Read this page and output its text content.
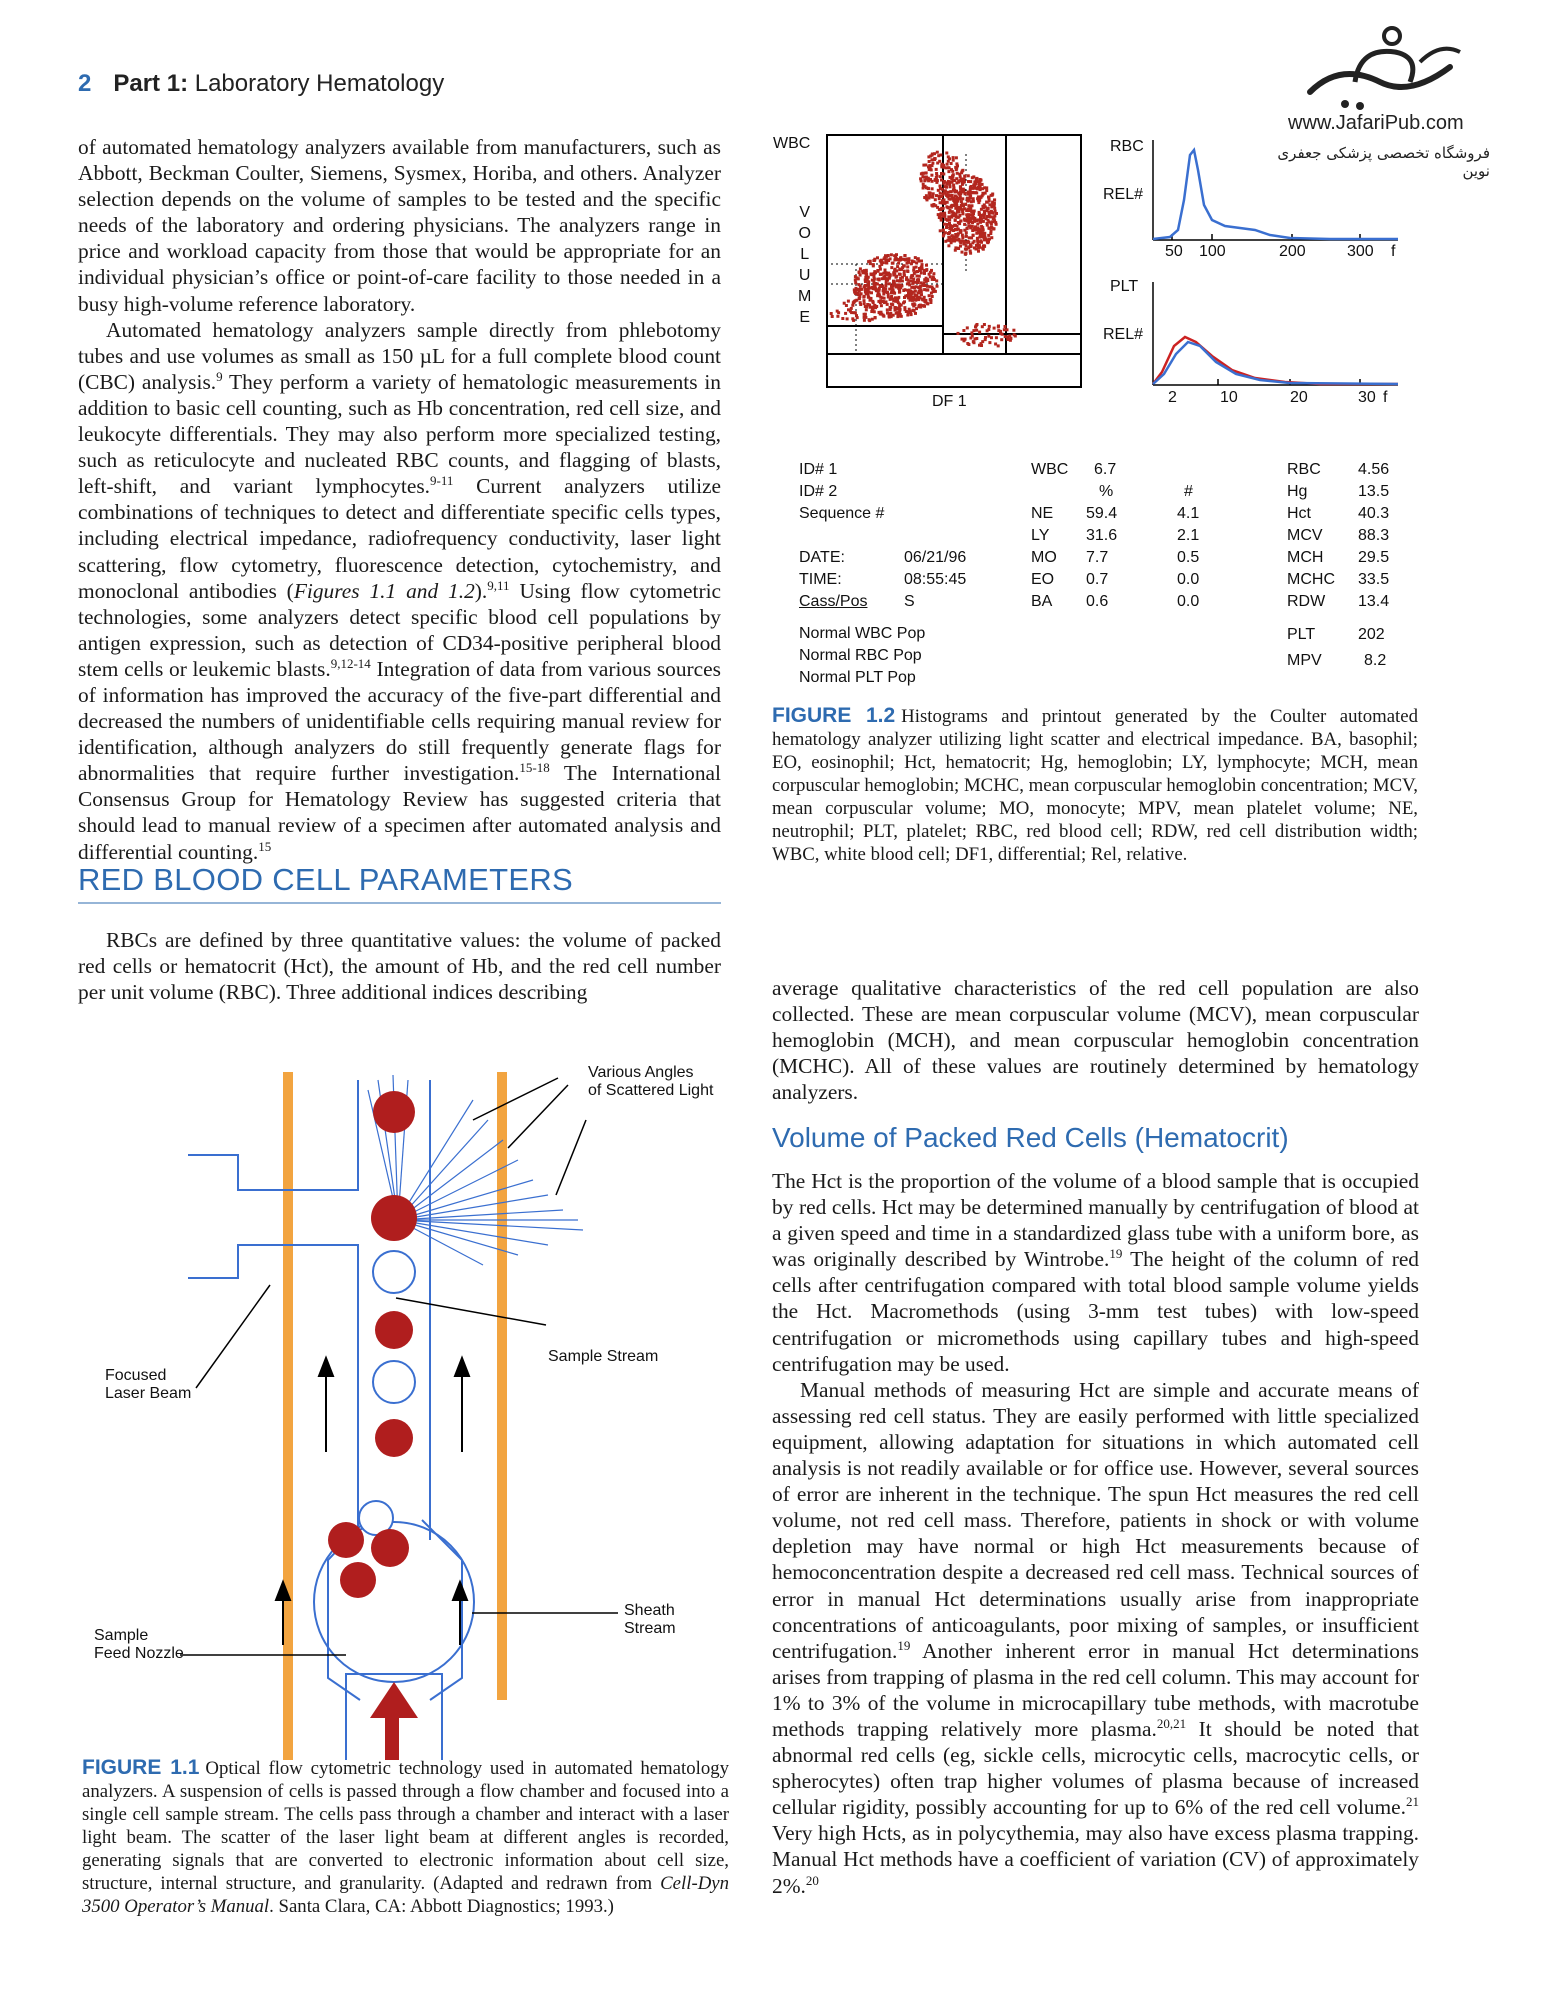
2 Part 1: Laboratory Hematology
www.JafariPub.com
فروشگاه تخصصی پزشکی جعفری نوین

of automated hematology analyzers available from manufacturers, such as Abbott, Beckman Coulter, Siemens, Sysmex, Horiba, and others. Analyzer selection depends on the volume of samples to be tested and the specific needs of the laboratory and ordering physicians. The analyzers range in price and workload capacity from those that would be appropriate for an individual physician’s office or point-of-care facility to those needed in a busy high-volume reference laboratory.

Automated hematology analyzers sample directly from phlebotomy tubes and use volumes as small as 150 µL for a full complete blood count (CBC) analysis.$^9$ They perform a variety of hematologic measurements in addition to basic cell counting, such as Hb concentration, red cell size, and leukocyte differentials. They may also perform more specialized testing, such as reticulocyte and nucleated RBC counts, and flagging of blasts, left-shift, and variant lymphocytes.$^{9-11}$ Current analyzers utilize combinations of techniques to detect and differentiate specific cells types, including electrical impedance, radiofrequency conductivity, laser light scattering, flow cytometry, fluorescence detection, cytochemistry, and monoclonal antibodies (Figures 1.1 and 1.2).$^{9,11}$ Using flow cytometric technologies, some analyzers detect specific blood cell populations by antigen expression, such as detection of CD34-positive peripheral blood stem cells or leukemic blasts.$^{9,12-14}$ Integration of data from various sources of information has improved the accuracy of the five-part differential and decreased the numbers of unidentifiable cells requiring manual review for identification, although analyzers do still frequently generate flags for abnormalities that require further investigation.$^{15-18}$ The International Consensus Group for Hematology Review has suggested criteria that should lead to manual review of a specimen after automated analysis and differential counting.$^{15}$

RED BLOOD CELL PARAMETERS

RBCs are defined by three quantitative values: the volume of packed red cells or hematocrit (Hct), the amount of Hb, and the red cell number per unit volume (RBC). Three additional indices describing

Various Angles
of Scattered Light
Focused
Laser Beam
Sample Stream
Sheath
Stream
Sample
Feed Nozzle
FIGURE 1.1 Optical flow cytometric technology used in automated hematology analyzers. A suspension of cells is passed through a flow chamber and focused into a single cell sample stream. The cells pass through a chamber and interact with a laser light beam. The scatter of the laser light beam at different angles is recorded, generating signals that are converted to electronic information about cell size, structure, internal structure, and granularity. (Adapted and redrawn from Cell-Dyn 3500 Operator’s Manual. Santa Clara, CA: Abbott Diagnostics; 1993.)
WBC
V
O
L
U
M
E
DF 1
RBC
REL#
50 100	200	300 f
PLT
REL#
2	10	20	30 f
ID# 1
ID# 2
Sequence #
DATE:	06/21/96
TIME:	08:55:45
Cass/Pos S
Normal WBC Pop
Normal RBC Pop
Normal PLT Pop
WBC 6.7
%	#
NE 59.4	4.1
LY 31.6	2.1
MO 7.7	0.5
EO 0.7	0.0
BA 0.6	0.0
RBC 4.56
Hg	13.5
Hct	40.3
MCV 88.3
MCH 29.5
MCHC 33.5
RDW 13.4
PLT	202
MPV	8.2
FIGURE 1.2 Histograms and printout generated by the Coulter automated hematology analyzer utilizing light scatter and electrical impedance. BA, basophil; EO, eosinophil; Hct, hematocrit; Hg, hemoglobin; LY, lymphocyte; MCH, mean corpuscular hemoglobin; MCHC, mean corpuscular hemoglobin concentration; MCV, mean corpuscular volume; MO, monocyte; MPV, mean platelet volume; NE, neutrophil; PLT, platelet; RBC, red blood cell; RDW, red cell distribution width; WBC, white blood cell; DF1, differential; Rel, relative.

average qualitative characteristics of the red cell population are also collected. These are mean corpuscular volume (MCV), mean corpuscular hemoglobin (MCH), and mean corpuscular hemoglobin concentration (MCHC). All of these values are routinely determined by hematology analyzers.

Volume of Packed Red Cells (Hematocrit)

The Hct is the proportion of the volume of a blood sample that is occupied by red cells. Hct may be determined manually by centrifugation of blood at a given speed and time in a standardized glass tube with a uniform bore, as was originally described by Wintrobe.$^{19}$ The height of the column of red cells after centrifugation compared with total blood sample volume yields the Hct. Macromethods (using 3-mm test tubes) with low-speed centrifugation or micromethods using capillary tubes and high-speed centrifugation may be used.

Manual methods of measuring Hct are simple and accurate means of assessing red cell status. They are easily performed with little specialized equipment, allowing adaptation for situations in which automated cell analysis is not readily available or for office use. However, several sources of error are inherent in the technique. The spun Hct measures the red cell volume, not red cell mass. Therefore, patients in shock or with volume depletion may have normal or high Hct measurements because of hemoconcentration despite a decreased red cell mass. Technical sources of error in manual Hct determinations usually arise from inappropriate concentrations of anticoagulants, poor mixing of samples, or insufficient centrifugation.$^{19}$ Another inherent error in manual Hct determinations arises from trapping of plasma in the red cell column. This may account for 1% to 3% of the volume in microcapillary tube methods, with macrotube methods trapping relatively more plasma.$^{20,21}$ It should be noted that abnormal red cells (eg, sickle cells, microcytic cells, macrocytic cells, or spherocytes) often trap higher volumes of plasma because of increased cellular rigidity, possibly accounting for up to 6% of the red cell volume.$^{21}$ Very high Hcts, as in polycythemia, may also have excess plasma trapping. Manual Hct methods have a coefficient of variation (CV) of approximately 2%.$^{20}$
